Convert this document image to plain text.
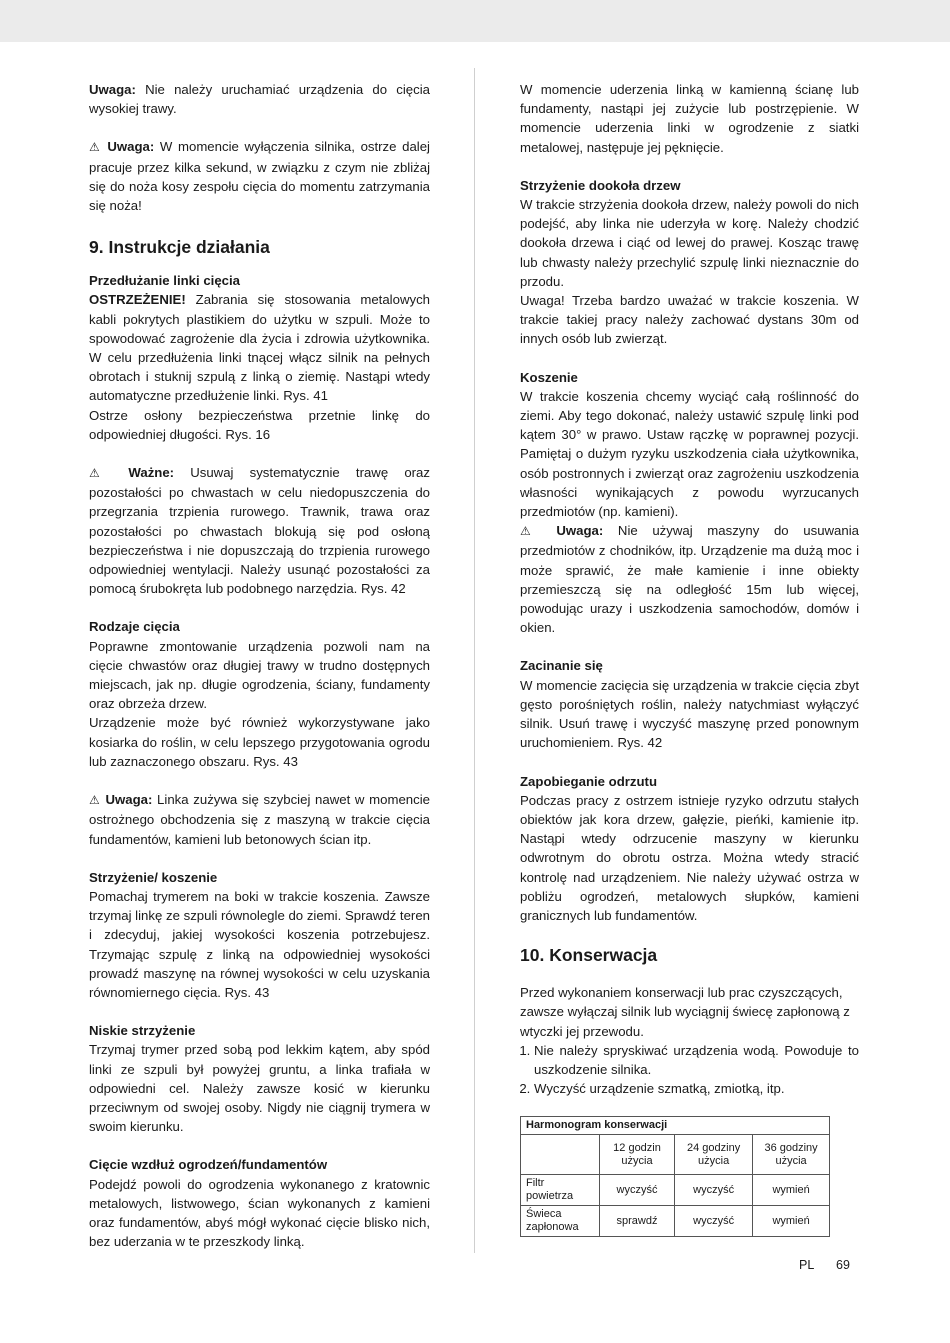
Uwaga: Nie należy uruchamiać urządzenia do cięcia wysokiej trawy.

⚠ Uwaga: W momencie wyłączenia silnika, ostrze dalej pracuje przez kilka sekund, w związku z czym nie zbliżaj się do noża kosy zespołu cięcia do momentu zatrzymania się noża!

9. Instrukcje działania

Przedłużanie linki cięcia

OSTRZEŻENIE! Zabrania się stosowania metalowych kabli pokrytych plastikiem do użytku w szpuli. Może to spowodować zagrożenie dla życia i zdrowia użytkownika. W celu przedłużenia linki tnącej włącz silnik na pełnych obrotach i stuknij szpulą z linką o ziemię. Nastąpi wtedy automatyczne przedłużenie linki. Rys. 41

Ostrze osłony bezpieczeństwa przetnie linkę do odpowiedniej długości. Rys. 16

⚠ Ważne: Usuwaj systematycznie trawę oraz pozostałości po chwastach w celu niedopuszczenia do przegrzania trzpienia rurowego. Trawnik, trawa oraz pozostałości po chwastach blokują się pod osłoną bezpieczeństwa i nie dopuszczają do trzpienia rurowego odpowiedniej wentylacji. Należy usunąć pozostałości za pomocą śrubokręta lub podobnego narzędzia. Rys. 42

Rodzaje cięcia

Poprawne zmontowanie urządzenia pozwoli nam na cięcie chwastów oraz długiej trawy w trudno dostępnych miejscach, jak np. długie ogrodzenia, ściany, fundamenty oraz obrzeża drzew.

Urządzenie może być również wykorzystywane jako kosiarka do roślin, w celu lepszego przygotowania ogrodu lub zaznaczonego obszaru. Rys. 43

⚠ Uwaga: Linka zużywa się szybciej nawet w momencie ostrożnego obchodzenia się z maszyną w trakcie cięcia fundamentów, kamieni lub betonowych ścian itp.

Strzyżenie/ koszenie

Pomachaj trymerem na boki w trakcie koszenia. Zawsze trzymaj linkę ze szpuli równolegle do ziemi. Sprawdź teren i zdecyduj, jakiej wysokości koszenia potrzebujesz. Trzymając szpulę z linką na odpowiedniej wysokości prowadź maszynę na równej wysokości w celu uzyskania równomiernego cięcia. Rys. 43

Niskie strzyżenie

Trzymaj trymer przed sobą pod lekkim kątem, aby spód linki ze szpuli był powyżej gruntu, a linka trafiała w odpowiedni cel. Należy zawsze kosić w kierunku przeciwnym od swojej osoby. Nigdy nie ciągnij trymera w swoim kierunku.

Cięcie wzdłuż ogrodzeń/fundamentów

Podejdź powoli do ogrodzenia wykonanego z kratownic metalowych, listwowego, ścian wykonanych z kamieni oraz fundamentów, abyś mógł wykonać cięcie blisko nich, bez uderzania w te przeszkody linką.

W momencie uderzenia linką w kamienną ścianę lub fundamenty, nastąpi jej zużycie lub postrzępienie. W momencie uderzenia linki w ogrodzenie z siatki metalowej, następuje jej pęknięcie.

Strzyżenie dookoła drzew

W trakcie strzyżenia dookoła drzew, należy powoli do nich podejść, aby linka nie uderzyła w korę. Należy chodzić dookoła drzewa i ciąć od lewej do prawej. Kosząc trawę lub chwasty należy przechylić szpulę linki nieznacznie do przodu.

Uwaga! Trzeba bardzo uważać w trakcie koszenia. W trakcie takiej pracy należy zachować dystans 30m od innych osób lub zwierząt.

Koszenie

W trakcie koszenia chcemy wyciąć całą roślinność do ziemi. Aby tego dokonać, należy ustawić szpulę linki pod kątem 30° w prawo. Ustaw rączkę w poprawnej pozycji. Pamiętaj o dużym ryzyku uszkodzenia ciała użytkownika, osób postronnych i zwierząt oraz zagrożeniu uszkodzenia własności wynikających z powodu wyrzucanych przedmiotów (np. kamieni).

⚠ Uwaga: Nie używaj maszyny do usuwania przedmiotów z chodników, itp. Urządzenie ma dużą moc i może sprawić, że małe kamienie i inne obiekty przemieszczą się na odległość 15m lub więcej, powodując urazy i uszkodzenia samochodów, domów i okien.

Zacinanie się

W momencie zacięcia się urządzenia w trakcie cięcia zbyt gęsto porośniętych roślin, należy natychmiast wyłączyć silnik. Usuń trawę i wyczyść maszynę przed ponownym uruchomieniem. Rys. 42

Zapobieganie odrzutu

Podczas pracy z ostrzem istnieje ryzyko odrzutu stałych obiektów jak kora drzew, gałęzie, pieńki, kamienie itp. Nastąpi wtedy odrzucenie maszyny w kierunku odwrotnym do obrotu ostrza. Można wtedy stracić kontrolę nad urządzeniem. Nie należy używać ostrza w pobliżu ogrodzeń, metalowych słupków, kamieni granicznych lub fundamentów.

10. Konserwacja

Przed wykonaniem konserwacji lub prac czyszczących, zawsze wyłączaj silnik lub wyciągnij świecę zapłonową z wtyczki jej przewodu.

1. Nie należy spryskiwać urządzenia wodą. Powoduje to uszkodzenie silnika.
2. Wyczyść urządzenie szmatką, zmiotką, itp.
Harmonogram konserwacji			
	12 godzin użycia	24 godziny użycia	36 godziny użycia
Filtr powietrza	wyczyść	wyczyść	wymień
Świeca zapłonowa	sprawdź	wyczyść	wymień
PL 69
